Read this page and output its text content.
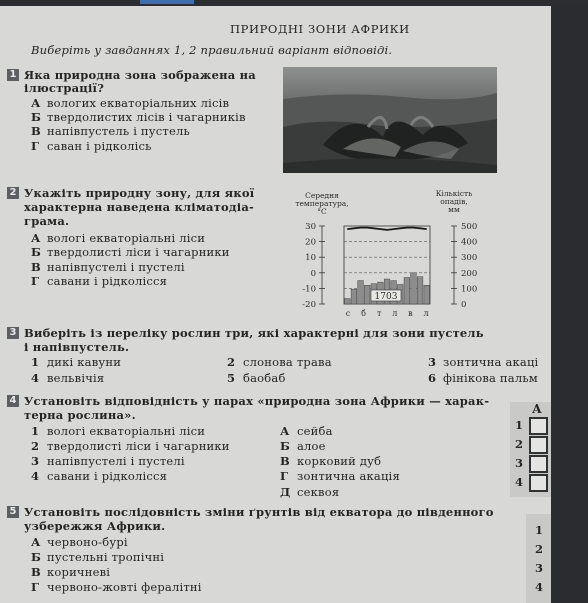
ПРИРОДНІ ЗОНИ АФРИКИ
Виберіть у завданнях 1, 2 правильний варіант відповіді.
1 Яка природна зона зображена на
ілюстрації?
А вологих екваторіальних лісів
Б твердолистих лісів і чагарників
В напівпустель і пустель
Г саван і рідколісь
2 Укажіть природну зону, для якої
характерна наведена кліматодіа-
грама.
А вологі екваторіальні ліси
Б твердолисті ліси і чагарники
В напівпустелі і пустелі
Г савани і рідколісся
Середня
температура,
°С
Кількість
опадів,
мм
30
20
10
0
-10
-20
500
400
300
200
100
0
1703
с б т л в л
3 Виберіть із переліку рослин три, які характерні для зони пустель
і напівпустель.
1 дикі кавуни	2 слонова трава	3 зонтична акаці
4 вельвічія	5 баобаб	6 фінікова пальм
4 Установіть відповідність у парах «природна зона Африки — харак-
терна рослина».
1 вологі екваторіальні ліси
2 твердолисті ліси і чагарники
3 напівпустелі і пустелі
4 савани і рідколісся
А сейба
Б алое
В корковий дуб
Г зонтична акація
Д секвоя
А
1
2
3
4
5 Установіть послідовність зміни ґрунтів від екватора до південного
узбережжя Африки.
А червоно-бурі
Б пустельні тропічні
В коричневі
Г червоно-жовті фералітні
1
2
3
4
